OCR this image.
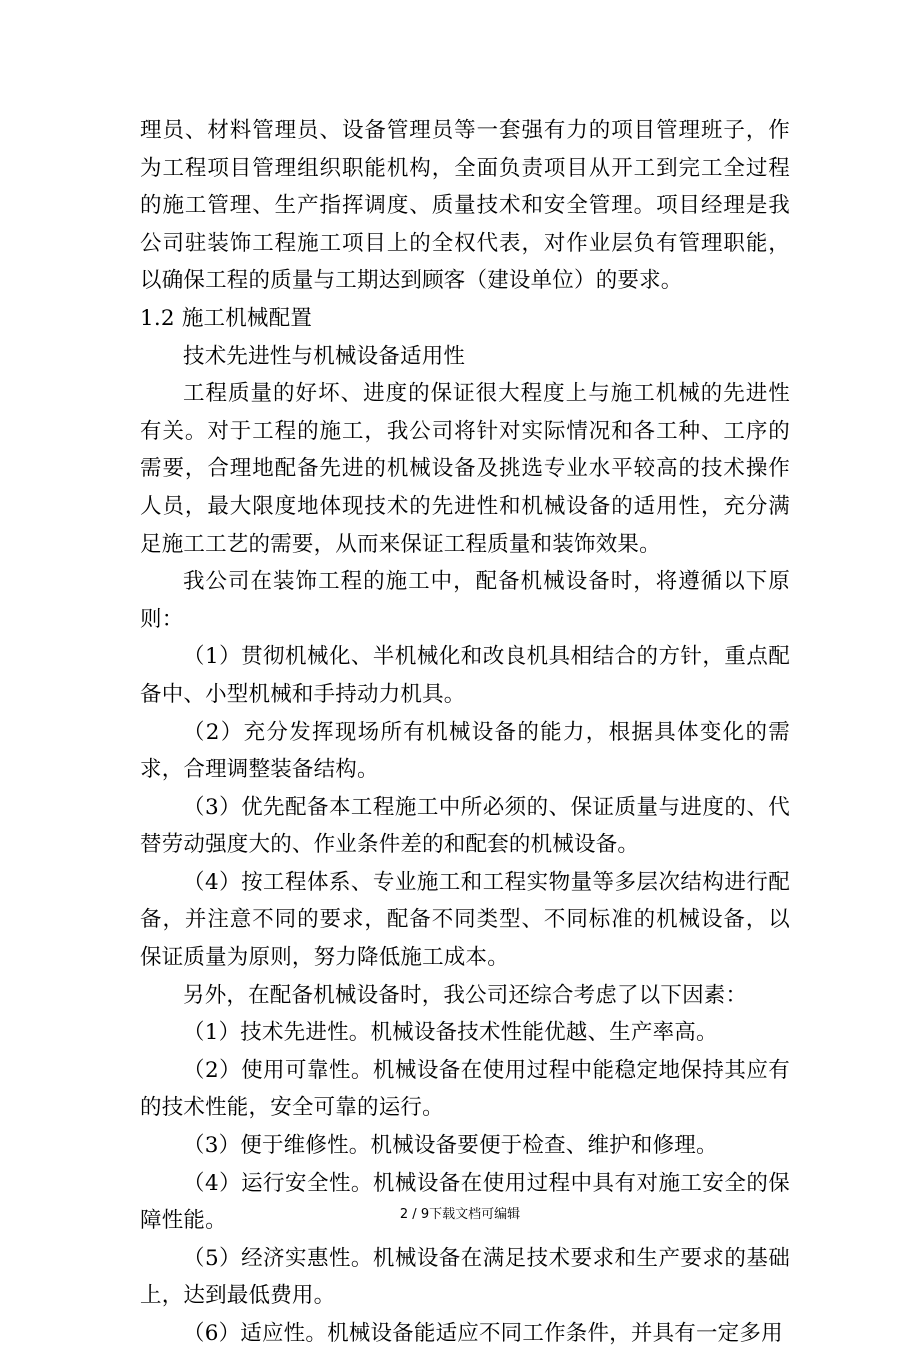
理员、材料管理员、设备管理员等一套强有力的项目管理班子，作为工程项目管理组织职能机构，全面负责项目从开工到完工全过程的施工管理、生产指挥调度、质量技术和安全管理。项目经理是我公司驻装饰工程施工项目上的全权代表，对作业层负有管理职能，以确保工程的质量与工期达到顾客（建设单位）的要求。

1.2 施工机械配置

技术先进性与机械设备适用性

工程质量的好坏、进度的保证很大程度上与施工机械的先进性有关。对于工程的施工，我公司将针对实际情况和各工种、工序的需要，合理地配备先进的机械设备及挑选专业水平较高的技术操作人员，最大限度地体现技术的先进性和机械设备的适用性，充分满足施工工艺的需要，从而来保证工程质量和装饰效果。

我公司在装饰工程的施工中，配备机械设备时，将遵循以下原则：

（1）贯彻机械化、半机械化和改良机具相结合的方针，重点配备中、小型机械和手持动力机具。

（2）充分发挥现场所有机械设备的能力，根据具体变化的需求，合理调整装备结构。

（3）优先配备本工程施工中所必须的、保证质量与进度的、代替劳动强度大的、作业条件差的和配套的机械设备。

（4）按工程体系、专业施工和工程实物量等多层次结构进行配备，并注意不同的要求，配备不同类型、不同标准的机械设备，以保证质量为原则，努力降低施工成本。

另外，在配备机械设备时，我公司还综合考虑了以下因素：

（1）技术先进性。机械设备技术性能优越、生产率高。

（2）使用可靠性。机械设备在使用过程中能稳定地保持其应有的技术性能，安全可靠的运行。

（3）便于维修性。机械设备要便于检查、维护和修理。

（4）运行安全性。机械设备在使用过程中具有对施工安全的保障性能。

（5）经济实惠性。机械设备在满足技术要求和生产要求的基础上，达到最低费用。

（6）适应性。机械设备能适应不同工作条件，并具有一定多用

2 / 9下载文档可编辑
